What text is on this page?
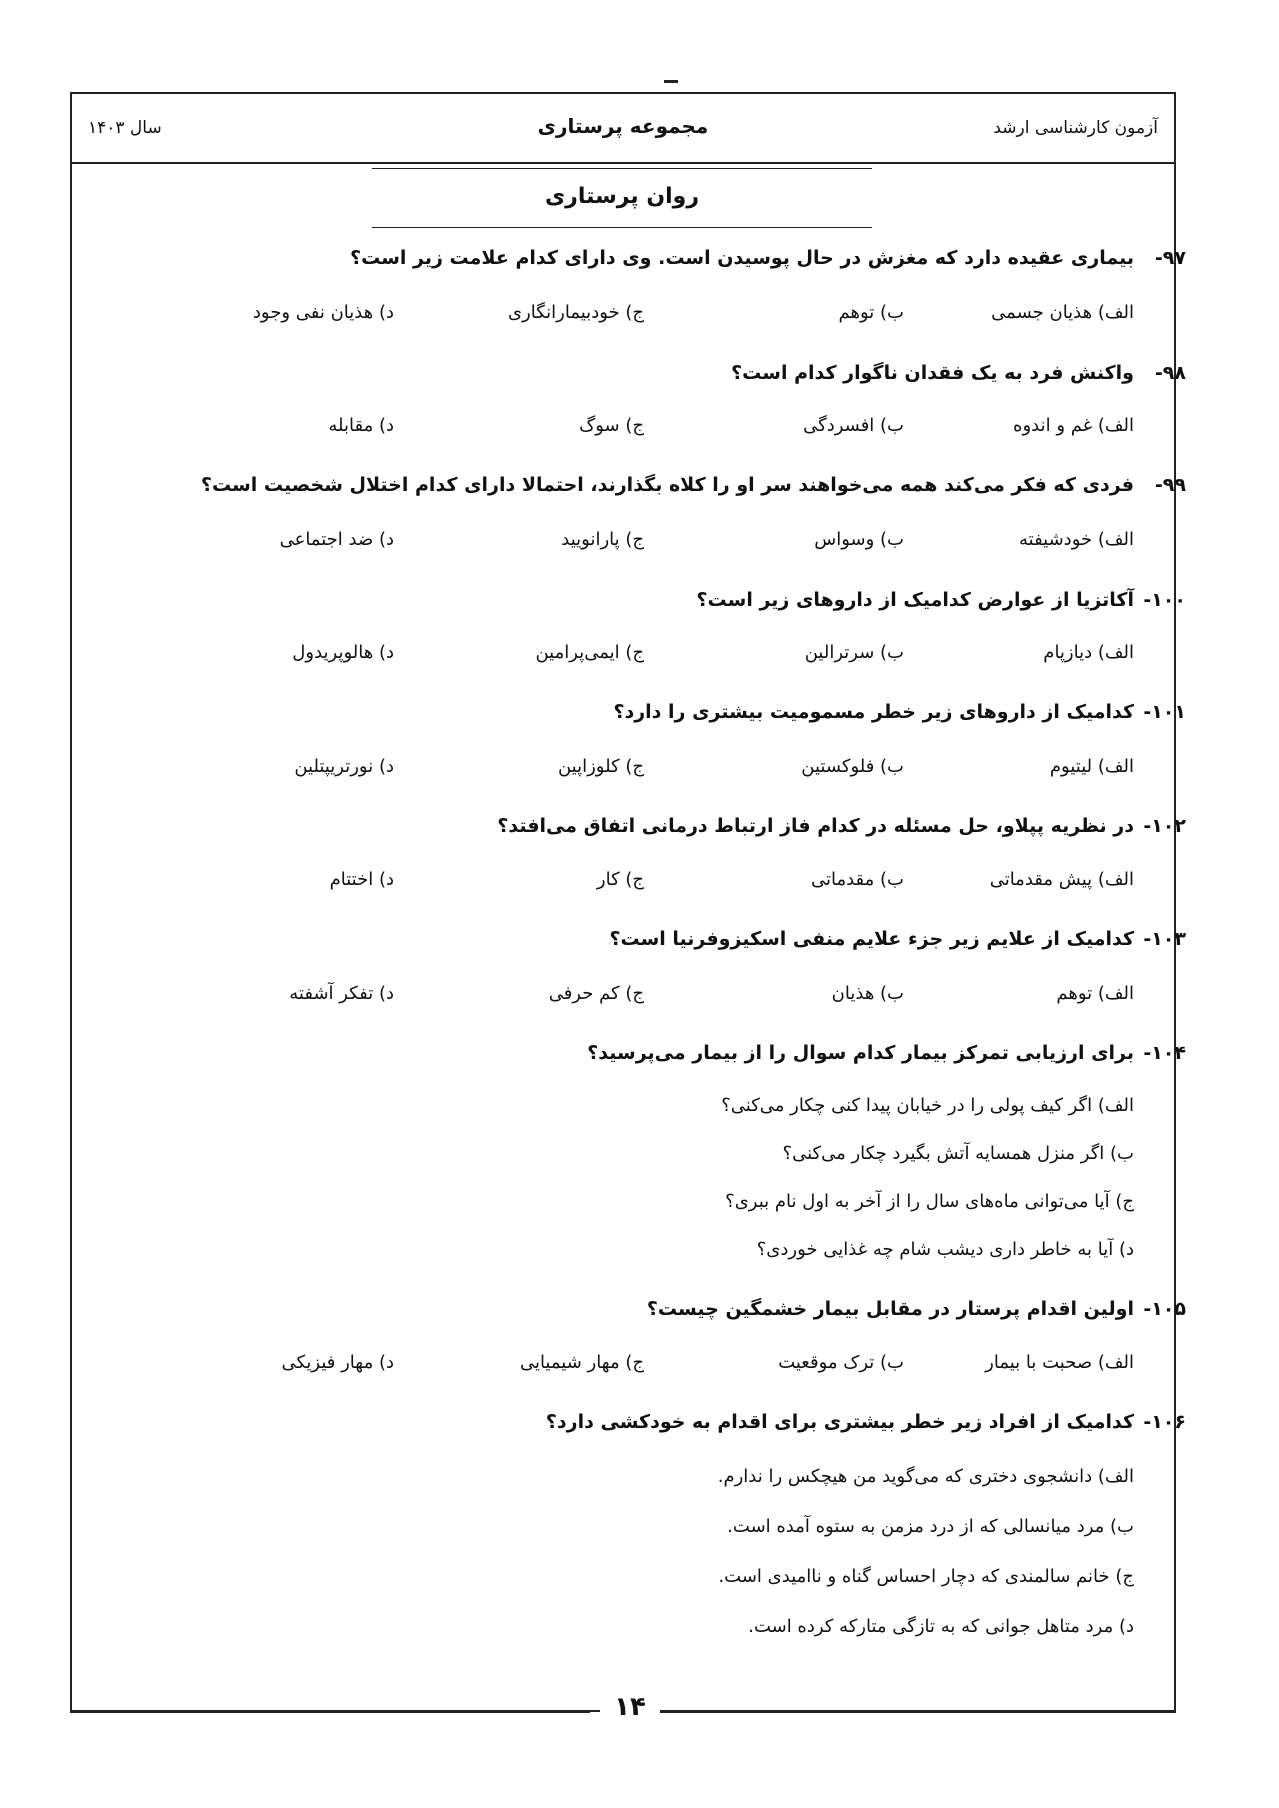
آزمون کارشناسی ارشد
مجموعه پرستاری
سال ۱۴۰۳
روان پرستاری
۹۷-
بیماری عقیده دارد که مغزش در حال پوسیدن است. وی دارای کدام علامت زیر است؟
الف) هذیان جسمی
ب) توهم
ج) خودبیمارانگاری
د) هذیان نفی وجود
۹۸-
واکنش فرد به یک فقدان ناگوار کدام است؟
الف) غم و اندوه
ب) افسردگی
ج) سوگ
د) مقابله
۹۹-
فردی که فکر می‌کند همه می‌خواهند سر او را کلاه بگذارند، احتمالا دارای کدام اختلال شخصیت است؟
الف) خودشیفته
ب) وسواس
ج) پارانویید
د) ضد اجتماعی
۱۰۰-
آکاتزیا از عوارض کدامیک از داروهای زیر است؟
الف) دیازپام
ب) سرترالین
ج) ایمی‌پرامین
د) هالوپریدول
۱۰۱-
کدامیک از داروهای زیر خطر مسمومیت بیشتری را دارد؟
الف) لیتیوم
ب) فلوکستین
ج) کلوزاپین
د) نورتریپتلین
۱۰۲-
در نظریه پپلاو، حل مسئله در کدام فاز ارتباط درمانی اتفاق می‌افتد؟
الف) پیش مقدماتی
ب) مقدماتی
ج) کار
د) اختتام
۱۰۳-
کدامیک از علایم زیر جزء علایم منفی اسکیزوفرنیا است؟
الف) توهم
ب) هذیان
ج) کم حرفی
د) تفکر آشفته
۱۰۴-
برای ارزیابی تمرکز بیمار کدام سوال را از بیمار می‌پرسید؟
الف) اگر کیف پولی را در خیابان پیدا کنی چکار می‌کنی؟
ب) اگر منزل همسایه آتش بگیرد چکار می‌کنی؟
ج) آیا می‌توانی ماه‌های سال را از آخر به اول نام ببری؟
د) آیا به خاطر داری دیشب شام چه غذایی خوردی؟
۱۰۵-
اولین اقدام پرستار در مقابل بیمار خشمگین چیست؟
الف) صحبت با بیمار
ب) ترک موقعیت
ج) مهار شیمیایی
د) مهار فیزیکی
۱۰۶-
کدامیک از افراد زیر خطر بیشتری برای اقدام به خودکشی دارد؟
الف) دانشجوی دختری که می‌گوید من هیچکس را ندارم.
ب) مرد میانسالی که از درد مزمن به ستوه آمده است.
ج) خانم سالمندی که دچار احساس گناه و ناامیدی است.
د) مرد متاهل جوانی که به تازگی متارکه کرده است.
۱۴
